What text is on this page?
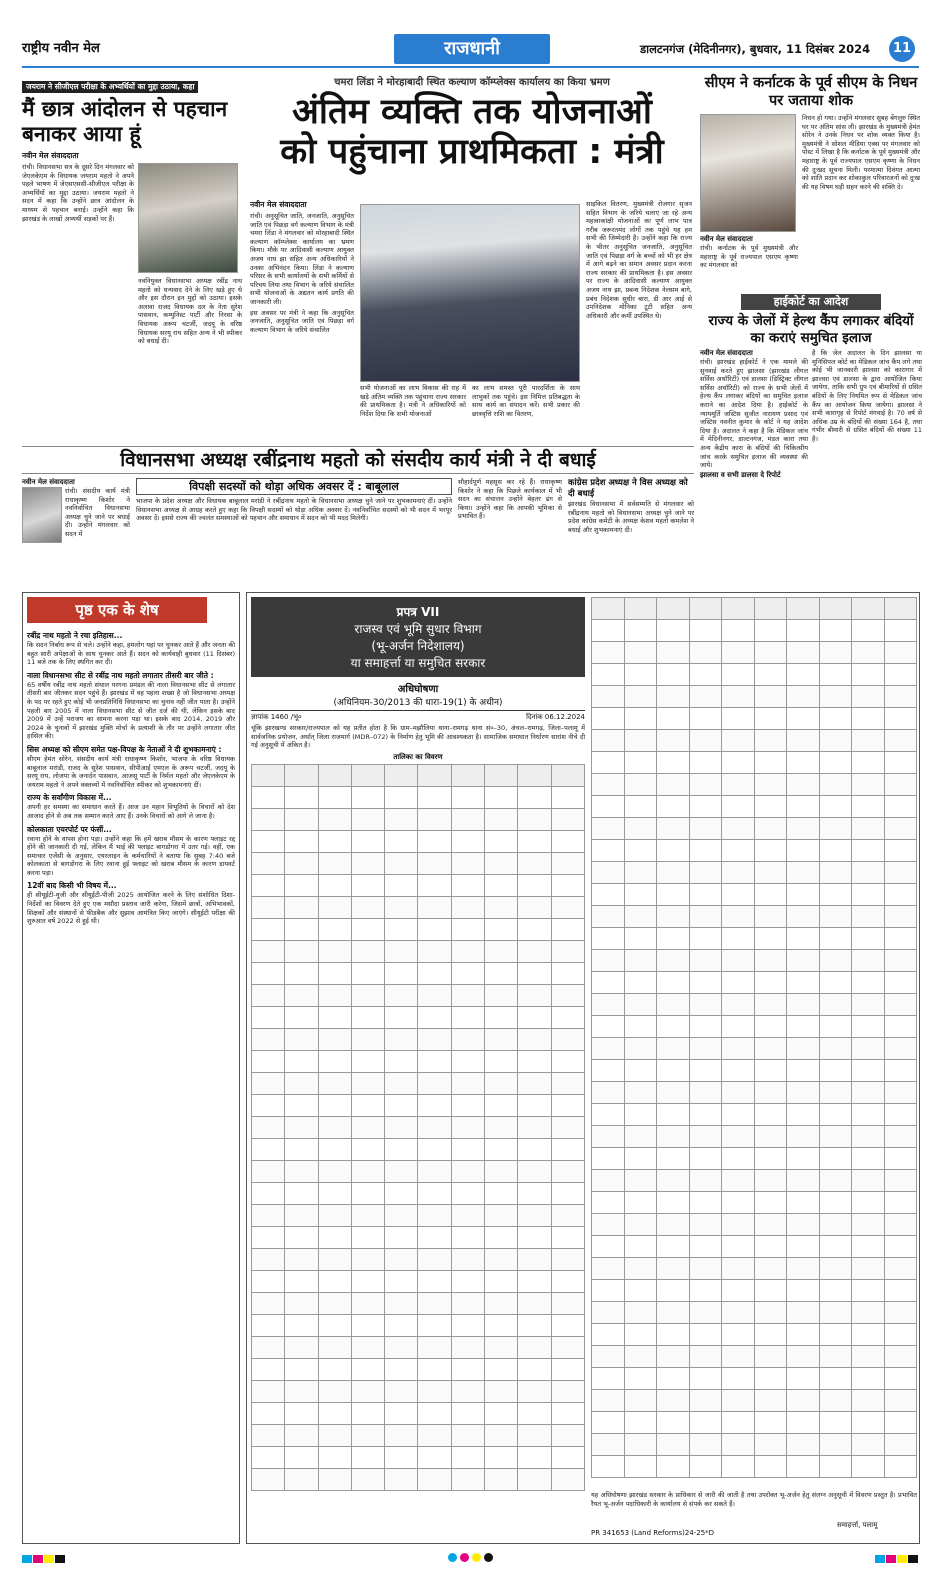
राष्ट्रीय नवीन मेल	राजधानी	डालटनगंज (मेदिनीनगर), बुधवार, 11 दिसंबर 2024	11
जयराम ने सीजीएल परीक्षा के अभ्यर्थियों का मुद्दा उठाया, कहा
मैं छात्र आंदोलन से पहचान बनाकर आया हूं
नवीन मेल संवाददाता
रांची। विधानसभा सत्र के दूसरे दिन मंगलवार को जेएलकेएम के विधायक जयराम महतो ने अपने पहले भाषण में जेएसएससी-सीजीएल परीक्षा के अभ्यर्थियों का मुद्दा उठाया। जयराम महतो ने सदन में कहा कि उन्होंने छात्र आंदोलन के माध्यम से पहचान बनाई। उन्होंने कहा कि झारखंड के लाखों अभ्यर्थी सड़कों पर हैं।
नवनियुक्त विधानसभा अध्यक्ष रबींद्र नाथ महतो को धन्यवाद देने के लिए खड़े हुए थे और इस दौरान इन मुद्दों को उठाया। इसके अलावा राजद विधायक दल के नेता सुरेश पासवान, कम्युनिस्ट पार्टी और निरसा के विधायक अरूप चटर्जी, जदयू के वरिष्ठ विधायक सरयू राय सहित अन्य ने भी स्पीकर को बधाई दी।
चमरा लिंडा ने मोरहाबादी स्थित कल्याण कॉम्प्लेक्स कार्यालय का किया भ्रमण
अंतिम व्यक्ति तक योजनाओं
को पहुंचाना प्राथमिकता : मंत्री
नवीन मेल संवाददाता
रांची। अनुसूचित जाति, जनजाति, अनुसूचित जाति एवं पिछड़ा वर्ग कल्याण विभाग के मंत्री चमरा लिंडा ने मंगलवार को मोरहाबादी स्थित कल्याण कॉम्प्लेक्स कार्यालय का भ्रमण किया। मौके पर आदिवासी कल्याण आयुक्त अजय नाथ झा सहित अन्य अधिकारियों ने उनका अभिनंदन किया। लिंडा ने कल्याण परिसर के सभी कार्यालयों के सभी कर्मियों से परिचय लिया तथा विभाग के जरिये संचालित सभी योजनाओं के अद्यतन कार्य प्रगति की जानकारी ली।
इस अवसर पर मंत्री ने कहा कि अनुसूचित जनजाति, अनुसूचित जाति एवं पिछड़ा वर्ग कल्याण विभाग के जरिये संचालित
सभी योजनाओं का लाभ विकास की राह में खड़े अंतिम व्यक्ति तक पहुंचाना राज्य सरकार की प्राथमिकता है। मंत्री ने अधिकारियों को निर्देश दिया कि सभी योजनाओं
का लाभ समस्त पूरी पारदर्शिता के साथ लाभुकों तक पहुंचे। इस निमित्त प्रतिबद्धता के साथ कार्य का संपादन करें। सभी प्रकार की छात्रवृत्ति राशि का वितरण,
साइकिल वितरण, मुख्यमंत्री रोजगार सृजन सहित विभाग के जरिये चलाए जा रहे अन्य महत्वाकांक्षी योजनाओं का पूर्ण लाभ पात्र गरीब जरूरतमंद लोगों तक पहुंचे यह हम सभी की जिम्मेदारी है। उन्होंने कहा कि राज्य के भीतर अनुसूचित जनजाति, अनुसूचित जाति एवं पिछड़ा वर्ग के बच्चों को भी हर क्षेत्र में आगे बढ़ने का समान अवसर प्रदान करना राज्य सरकार की प्राथमिकता है। इस अवसर पर राज्य के आदिवासी कल्याण आयुक्त अजय नाथ झा, प्रबन्ध निदेशक नेलसम बागे, प्रबंध निदेशक सुधीर बारा, डी आर आई से उपनिदेशक मोनिका टूटी सहित अन्य अधिकारी और कर्मी उपस्थित थे।
सीएम ने कर्नाटक के पूर्व सीएम के निधन पर जताया शोक
नवीन मेल संवाददाता
रांची। कर्नाटक के पूर्व मुख्यमंत्री और महाराष्ट्र के पूर्व राज्यपाल एसएम कृष्णा का मंगलवार को
निधन हो गया। उन्होंने मंगलवार सुबह बेंगलुरु स्थित घर पर अंतिम सांस ली। झारखंड के मुख्यमंत्री हेमंत सोरेन ने उनके निधन पर शोक व्यक्त किया है। मुख्यमंत्री ने सोशल मीडिया एक्स पर मंगलवार को पोस्ट में लिखा है कि कर्नाटक के पूर्व मुख्यमंत्री और महाराष्ट्र के पूर्व राज्यपाल एसएम कृष्णा के निधन की दुःखद सूचना मिली। परमात्मा दिवंगत आत्मा को शांति प्रदान कर शोकाकुल परिवारजनों को दुःख की यह विषम घड़ी सहन करने की शक्ति दे।
हाईकोर्ट का आदेश
राज्य के जेलों में हेल्थ कैंप लगाकर बंदियों का कराएं समुचित इलाज
नवीन मेल संवाददाता
रांची। झारखंड हाईकोर्ट ने एक मामले की सुनवाई करते हुए झालसा (झारखंड लीगल सर्विस अथॉरिटी) एवं डालसा (डिस्ट्रिक्ट लीगल सर्विस अथॉरिटी) को राज्य के सभी जेलों में हेल्थ कैंप लगाकर बंदियों का समुचित इलाज कराने का आदेश दिया है। हाईकोर्ट के न्यायमूर्ति जस्टिस सुजीत नारायण प्रसाद एवं जस्टिस नवनीत कुमार के कोर्ट ने यह आदेश दिया है। अदालत ने कहा है कि मेडिकल जांच में मेदिनीनगर, डाल्टनगंज, मंडल कारा तथा अन्य केंद्रीय कारा के बंदियों की चिकित्सीय जांच करके समुचित इलाज की व्यवस्था की जाये।
झालसा व सभी डालसा दे रिपोर्ट
है कि जेल अदालत के दिन झालसा या मुनिसिपल कोर्ट का मेडिकल जांच कैंप लगे तथा कोई भी जानकारी झालसा को कारागार में झालसा एवं डालसा के द्वारा आयोजित किया जायेगा, ताकि सभी ग्रुप एवं बीमारियों से ग्रसित बंदियों के लिए नियमित रूप से मेडिकल जांच कैंप का आयोजन किया जायेगा। झालसा ने सभी कारागृह से रिपोर्ट मंगवाई है। 70 वर्ष से अधिक उम्र के बंदियों की संख्या 164 है, तथा गंभीर बीमारी से ग्रसित बंदियों की संख्या 11 है।
विधानसभा अध्यक्ष रबींद्रनाथ महतो को संसदीय कार्य मंत्री ने दी बधाई
नवीन मेल संवाददाता
रांची। संसदीय कार्य मंत्री राधाकृष्ण किशोर ने नवनिर्वाचित विधानसभा अध्यक्ष चुने जाने पर बधाई दी। उन्होंने मंगलवार को सदन में
विपक्षी सदस्यों को थोड़ा अधिक अवसर दें : बाबूलाल
भाजपा के प्रदेश अध्यक्ष और विधायक बाबूलाल मरांडी ने रबींद्रनाथ महतो के विधानसभा अध्यक्ष चुने जाने पर शुभकामनाएं दीं। उन्होंने विधानसभा अध्यक्ष से आग्रह करते हुए कहा कि विपक्षी सदस्यों को थोड़ा अधिक अवसर दें। नवनिर्वाचित सदस्यों को भी सदन में भरपूर अवसर दें। इससे राज्य की ज्वलंत समस्याओं को पहचान और समाधान में सदन को भी मदद मिलेगी।
सौहार्दपूर्ण महसूस कर रहे हैं। राधाकृष्ण किशोर ने कहा कि पिछले कार्यकाल में भी सदन का संचालन उन्होंने बेहतर ढंग से किया। उन्होंने कहा कि आपकी भूमिका से प्रभावित हैं।
कांग्रेस प्रदेश अध्यक्ष ने विस अध्यक्ष को दी बधाई
झारखंड विधानसभा में सर्वसम्मति से मंगलवार को रबींद्रनाथ महतो को विधानसभा अध्यक्ष चुने जाने पर प्रदेश कांग्रेस कमेटी के अध्यक्ष केशव महतो कमलेश ने बधाई और शुभकामनाएं दी।
पृष्ठ एक के शेष
रबींद्र नाथ महतो ने रचा इतिहास...
कि सदन निर्बाध रूप से चले। उन्होंने कहा, हमलोग यहां पर चुनकर आते हैं और जनता की बहुत सारी अपेक्षाओं के साथ चुनकर आते हैं। सदन को कार्यवाही बुधवार (11 दिसंबर) 11 बजे तक के लिए स्थगित कर दी।
नाला विधानसभा सीट से रबींद्र नाथ महतो लगातार तीसरी बार जीते :
65 वर्षीय रबींद्र नाथ महतो संथाल परगना प्रमंडल की नाला विधानसभा सीट से लगातार तीसरी बार जीतकर सदन पहुंचे हैं। झारखंड में वह पहला शख्स है जो विधानसभा अध्यक्ष के पद पर रहते हुए कोई भी जनप्रतिनिधि विधानसभा का चुनाव नहीं जीत पाता है। उन्होंने पहली बार 2005 में नाला विधानसभा सीट से जीत दर्ज की थी, लेकिन इसके बाद 2009 में उन्हें पराजय का सामना करना पड़ा था। इसके बाद 2014, 2019 और 2024 के चुनावों में झारखंड मुक्ति मोर्चा के प्रत्याशी के तौर पर उन्होंने लगातार जीत हासिल की।
सिस अध्यक्ष को सीएम समेत पक्ष-विपक्ष के नेताओं ने दी शुभकामनाएं :
सीएम हेमंत सोरेन, संसदीय कार्य मंत्री राधाकृष्ण किशोर, भाजपा के वरिष्ठ विधायक बाबूलाल मरांडी, राजद के सुरेश पासवान, सीपीआई एमएल के अरूप चटर्जी, जदयू के सरयू राय, लोजपा के जनार्दन पासवान, आजसू पार्टी के निर्मल महतो और जेएलकेएम के जयराम महतो ने अपने वक्तव्यों में नवनिर्वाचित स्पीकर को शुभकामनाएं दीं।
राज्य के सर्वांगीण विकास में...
अपनी हर समस्या का समाधान करते हैं। आज उन महान विभूतियों के विचारों को देश आजाद होने से अब तक सम्मान करते आए हैं। उनके विचारों को आगे ले जाना है।
कोलकाता एयरपोर्ट पर फंसीं...
रवाना होने के वापस होना पड़ा। उन्होंने कहा कि हमें खराब मौसम के कारण फ्लाइट रद्द होने की जानकारी दी गई, लेकिन मैं भाई की फ्लाइट बागडोगरा में उतर गई। वहीं, एक समाचार एजेंसी के अनुसार, एयरलाइन के कर्मचारियों ने बताया कि सुबह 7:40 बजे कोलकाता से बागडोगरा के लिए रवाना हुई फ्लाइट को खराब मौसम के कारण डायवर्ट करना पड़ा।
12वीं बाद किसी भी विषय में...
ही सीयूईटी-यूजी और सीयूईटी-पीजी 2025 आयोजित करने के लिए संशोधित दिशा-निर्देशों का विवरण देते हुए एक मसौदा प्रस्ताव जारी करेगा, जिसमें छात्रों, अभिभावकों, शिक्षकों और संस्थानों से फीडबैक और सुझाव आमंत्रित किए जाएंगे। सीयूईटी परीक्षा की शुरुआत वर्ष 2022 से हुई थी।
प्रपत्र VII
राजस्व एवं भूमि सुधार विभाग
(भू-अर्जन निदेशालय)
या समाहर्त्ता या समुचित सरकार
अधिघोषणा
(अधिनियम-30/2013 की धारा-19(1) के अधीन)
ज्ञापांक 1460 /भू०	दिनांक 06.12.2024
चूंकि झारखण्ड सरकार/राज्यपाल को यह प्रतीत होता है कि ग्राम–मझौलिया थाना–रामगढ़ थाना सं०–30, अंचल–रामगढ़, जिला–पलामू में सार्वजनिक प्रयोजन, अर्थात् जिला राजमार्ग (MDR–072) के निर्माण हेतु भूमि की आवश्यकता है। सामाजिक समाघात निर्धारण सारांश नीचे दी गई अनुसूची में अंकित है।
तालिका का विवरण

यह अधिघोषणा झारखंड सरकार के प्राधिकार से जारी की जाती है तथा उपरोक्त भू-अर्जन हेतु संलग्न अनुसूची में विवरण प्रस्तुत है। प्रभावित रैयत भू-अर्जन पदाधिकारी के कार्यालय से संपर्क कर सकते हैं।
समाहर्त्ता, पलामू
PR 341653 (Land Reforms)24-25*D
